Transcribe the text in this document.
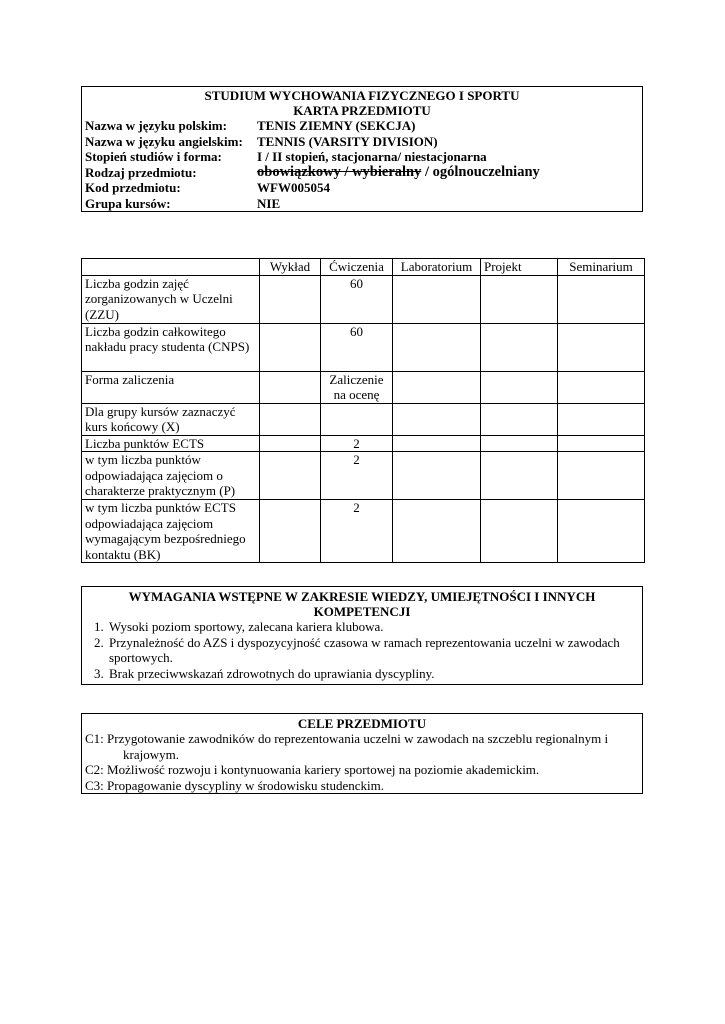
STUDIUM WYCHOWANIA FIZYCZNEGO I SPORTU
KARTA PRZEDMIOTU
Nazwa w języku polskim:	TENIS ZIEMNY (SEKCJA)
Nazwa w języku angielskim:	TENNIS (VARSITY DIVISION)
Stopień studiów i forma:	I / II stopień, stacjonarna/ niestacjonarna
Rodzaj przedmiotu:	obowiązkowy / wybieralny / ogólnouczelniany
Kod przedmiotu:	WFW005054
Grupa kursów:	NIE
	Wykład	Ćwiczenia	Laboratorium	Projekt	Seminarium
Liczba godzin zajęć zorganizowanych w Uczelni (ZZU)		60			
Liczba godzin całkowitego nakładu pracy studenta (CNPS)		60			
Forma zaliczenia		Zaliczenie na ocenę			
Dla grupy kursów zaznaczyć kurs końcowy (X)					
Liczba punktów ECTS		2			
w tym liczba punktów odpowiadająca zajęciom o charakterze praktycznym (P)		2			
w tym liczba punktów ECTS odpowiadająca zajęciom wymagającym bezpośredniego kontaktu (BK)		2			
WYMAGANIA WSTĘPNE W ZAKRESIE WIEDZY, UMIEJĘTNOŚCI I INNYCH KOMPETENCJI
1. Wysoki poziom sportowy, zalecana kariera klubowa.
2. Przynależność do AZS i dyspozycyjność czasowa w ramach reprezentowania uczelni w zawodach sportowych.
3. Brak przeciwwskazań zdrowotnych do uprawiania dyscypliny.
CELE PRZEDMIOTU
C1: Przygotowanie zawodników do reprezentowania uczelni w zawodach na szczeblu regionalnym i krajowym.
C2: Możliwość rozwoju i kontynuowania kariery sportowej na poziomie akademickim.
C3: Propagowanie dyscypliny w środowisku studenckim.
